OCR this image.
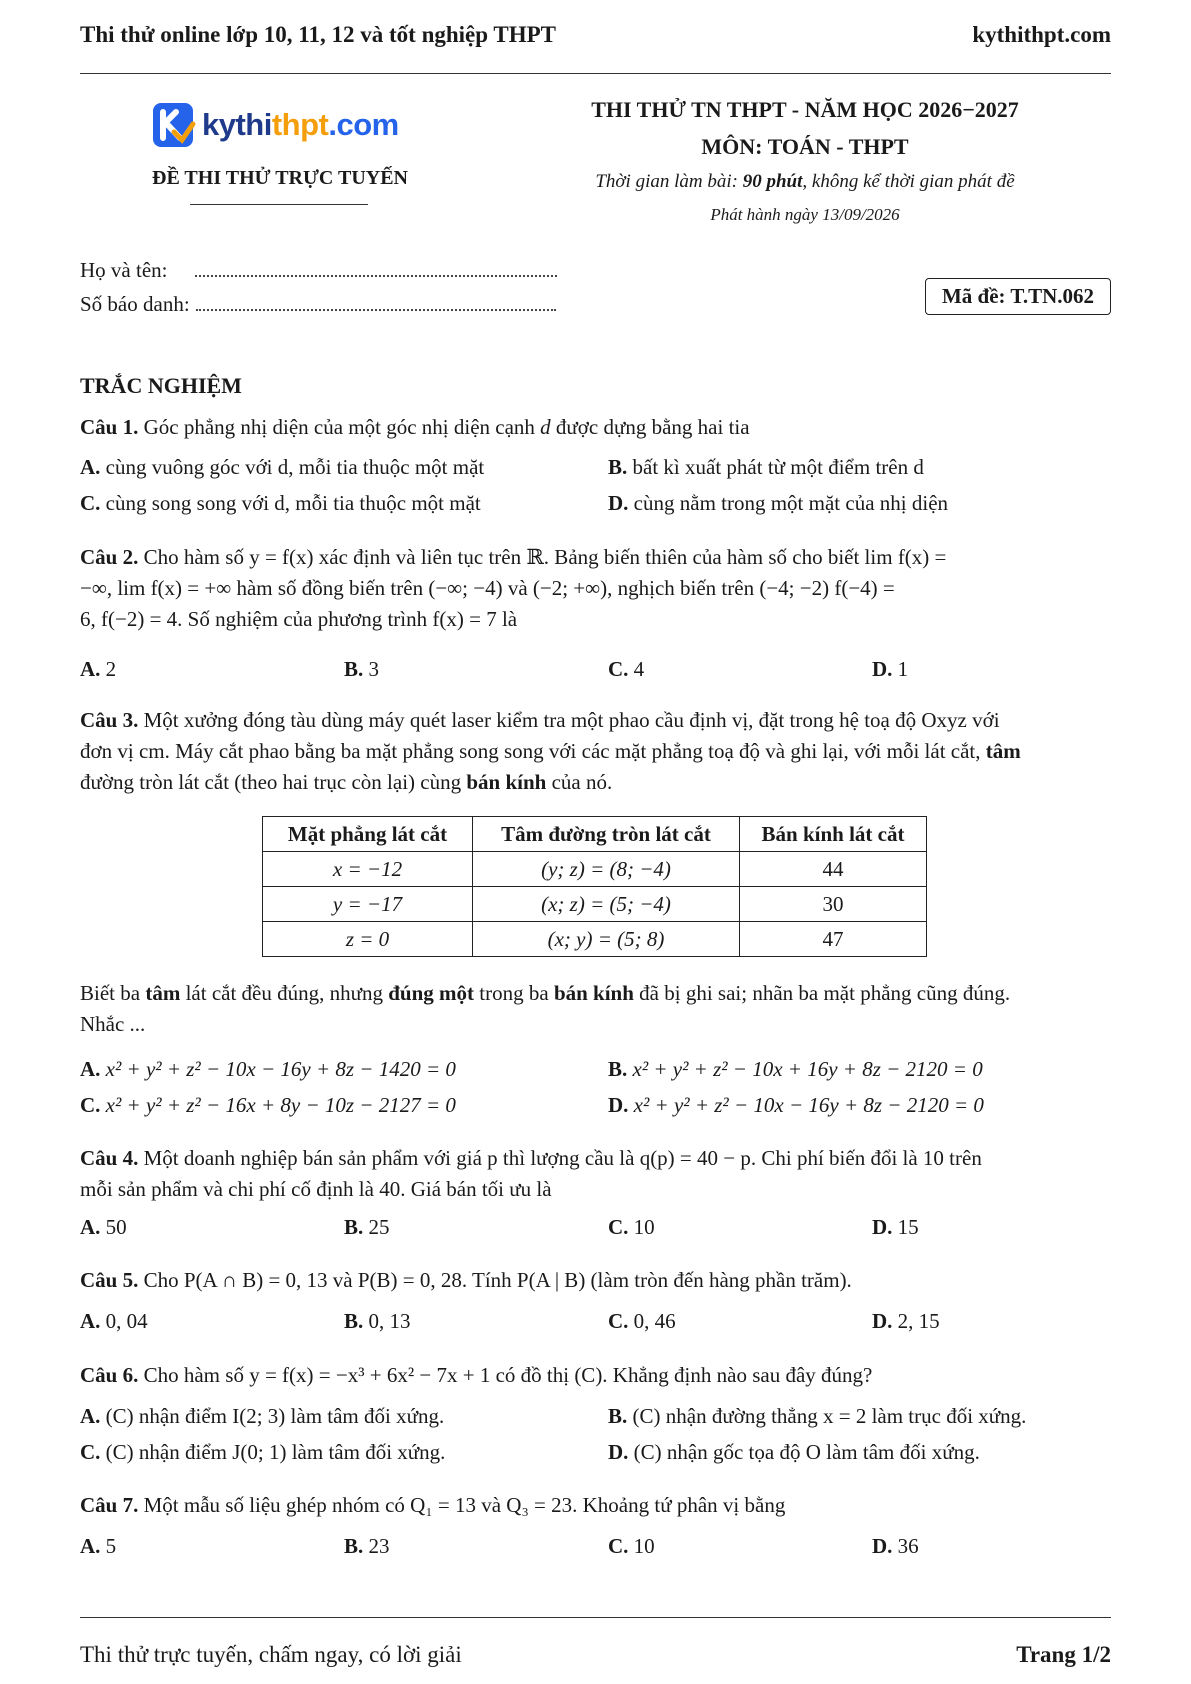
Thi thử online lớp 10, 11, 12 và tốt nghiệp THPT	kythithpt.com
kythithpt.com
ĐỀ THI THỬ TRỰC TUYẾN
THI THỬ TN THPT - NĂM HỌC 2026−2027
MÔN: TOÁN - THPT
Thời gian làm bài: 90 phút, không kể thời gian phát đề
Phát hành ngày 13/09/2026
Họ và tên:
Số báo danh:	Mã đề: T.TN.062
TRẮC NGHIỆM
Câu 1. Góc phẳng nhị diện của một góc nhị diện cạnh d được dựng bằng hai tia
A. cùng vuông góc với d, mỗi tia thuộc một mặt	B. bất kì xuất phát từ một điểm trên d
C. cùng song song với d, mỗi tia thuộc một mặt	D. cùng nằm trong một mặt của nhị diện
Câu 2. Cho hàm số y = f(x) xác định và liên tục trên ℝ. Bảng biến thiên của hàm số cho biết lim f(x) =
−∞, lim f(x) = +∞ hàm số đồng biến trên (−∞; −4) và (−2; +∞), nghịch biến trên (−4; −2) f(−4) =
6, f(−2) = 4. Số nghiệm của phương trình f(x) = 7 là
A. 2	B. 3	C. 4	D. 1
Câu 3. Một xưởng đóng tàu dùng máy quét laser kiểm tra một phao cầu định vị, đặt trong hệ toạ độ Oxyz với
đơn vị cm. Máy cắt phao bằng ba mặt phẳng song song với các mặt phẳng toạ độ và ghi lại, với mỗi lát cắt, tâm
đường tròn lát cắt (theo hai trục còn lại) cùng bán kính của nó.
Mặt phẳng lát cắt	Tâm đường tròn lát cắt	Bán kính lát cắt
x = −12	(y; z) = (8; −4)	44
y = −17	(x; z) = (5; −4)	30
z = 0	(x; y) = (5; 8)	47
Biết ba tâm lát cắt đều đúng, nhưng đúng một trong ba bán kính đã bị ghi sai; nhãn ba mặt phẳng cũng đúng.
Nhắc ...
A. x² + y² + z² − 10x − 16y + 8z − 1420 = 0	B. x² + y² + z² − 10x + 16y + 8z − 2120 = 0
C. x² + y² + z² − 16x + 8y − 10z − 2127 = 0	D. x² + y² + z² − 10x − 16y + 8z − 2120 = 0
Câu 4. Một doanh nghiệp bán sản phẩm với giá p thì lượng cầu là q(p) = 40 − p. Chi phí biến đổi là 10 trên
mỗi sản phẩm và chi phí cố định là 40. Giá bán tối ưu là
A. 50	B. 25	C. 10	D. 15
Câu 5. Cho P(A ∩ B) = 0, 13 và P(B) = 0, 28. Tính P(A | B) (làm tròn đến hàng phần trăm).
A. 0, 04	B. 0, 13	C. 0, 46	D. 2, 15
Câu 6. Cho hàm số y = f(x) = −x³ + 6x² − 7x + 1 có đồ thị (C). Khẳng định nào sau đây đúng?
A. (C) nhận điểm I(2; 3) làm tâm đối xứng.	B. (C) nhận đường thẳng x = 2 làm trục đối xứng.
C. (C) nhận điểm J(0; 1) làm tâm đối xứng.	D. (C) nhận gốc tọa độ O làm tâm đối xứng.
Câu 7. Một mẫu số liệu ghép nhóm có Q₁ = 13 và Q₃ = 23. Khoảng tứ phân vị bằng
A. 5	B. 23	C. 10	D. 36
Thi thử trực tuyến, chấm ngay, có lời giải	Trang 1/2
